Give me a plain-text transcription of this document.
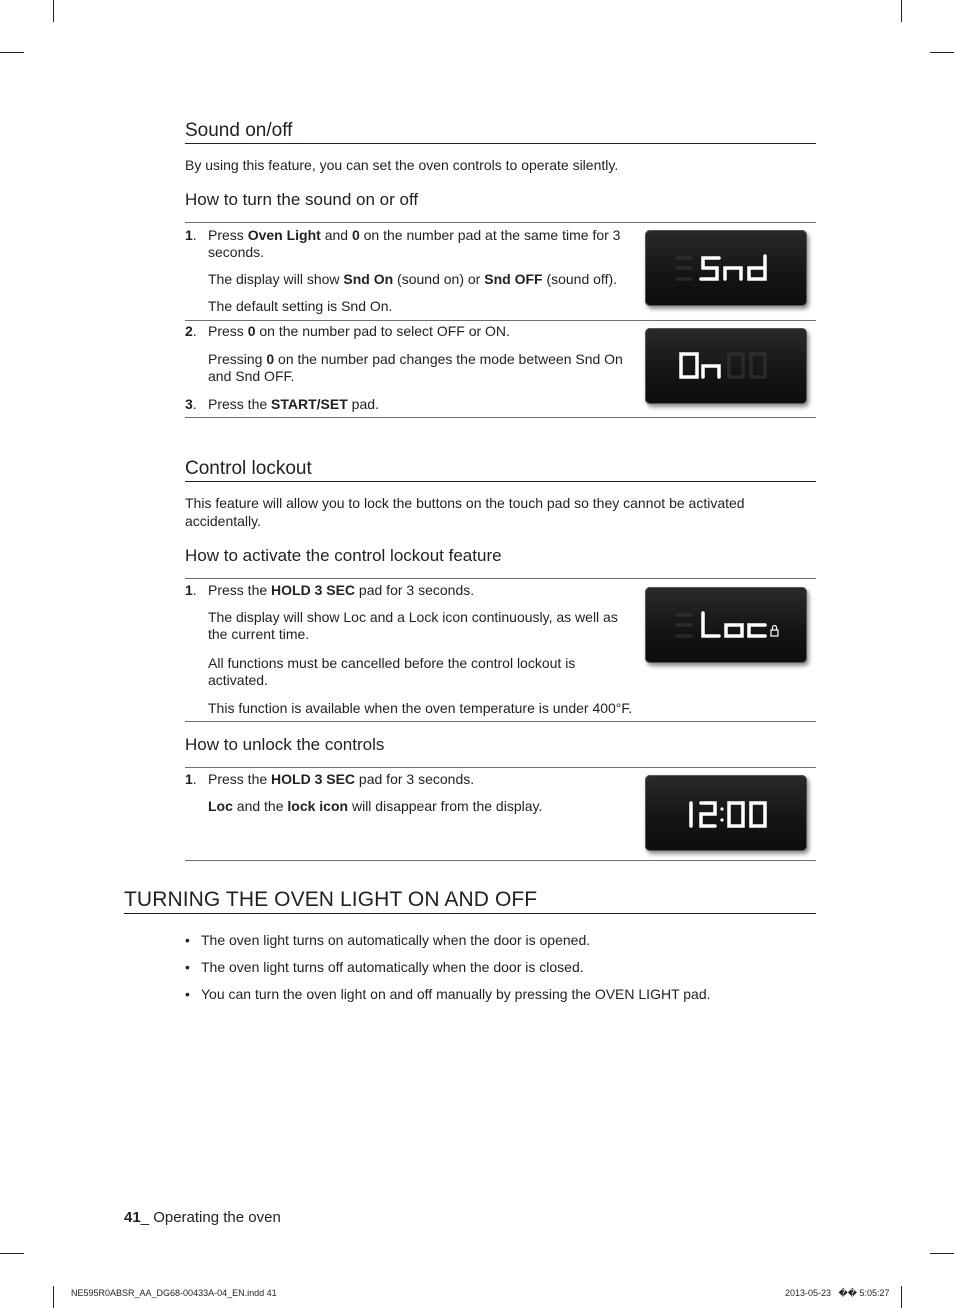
Sound on/off
By using this feature, you can set the oven controls to operate silently.
How to turn the sound on or off
1 . Press Oven Light and 0 on the number pad at the same time for 3 seconds.
The display will show Snd On (sound on) or Snd OFF (sound off).
The default setting is Snd On.
2 . Press 0 on the number pad to select OFF or ON.
Pressing 0 on the number pad changes the mode between Snd On and Snd OFF.
3 . Press the START/SET pad.
Control lockout
This feature will allow you to lock the buttons on the touch pad so they cannot be activated accidentally.
How to activate the control lockout feature
1 . Press the HOLD 3 SEC pad for 3 seconds.
The display will show Loc and a Lock icon continuously, as well as the current time.
All functions must be cancelled before the control lockout is activated.
This function is available when the oven temperature is under 400°F.
How to unlock the controls
1 . Press the HOLD 3 SEC pad for 3 seconds.
Loc and the lock icon will disappear from the display.
TURNING THE OVEN LIGHT ON AND OFF
• The oven light turns on automatically when the door is opened.
• The oven light turns off automatically when the door is closed.
• You can turn the oven light on and off manually by pressing the OVEN LIGHT pad.
41_ Operating the oven
NE595R0ABSR_AA_DG68-00433A-04_EN.indd 41	2013-05-23   �� 5:05:27
